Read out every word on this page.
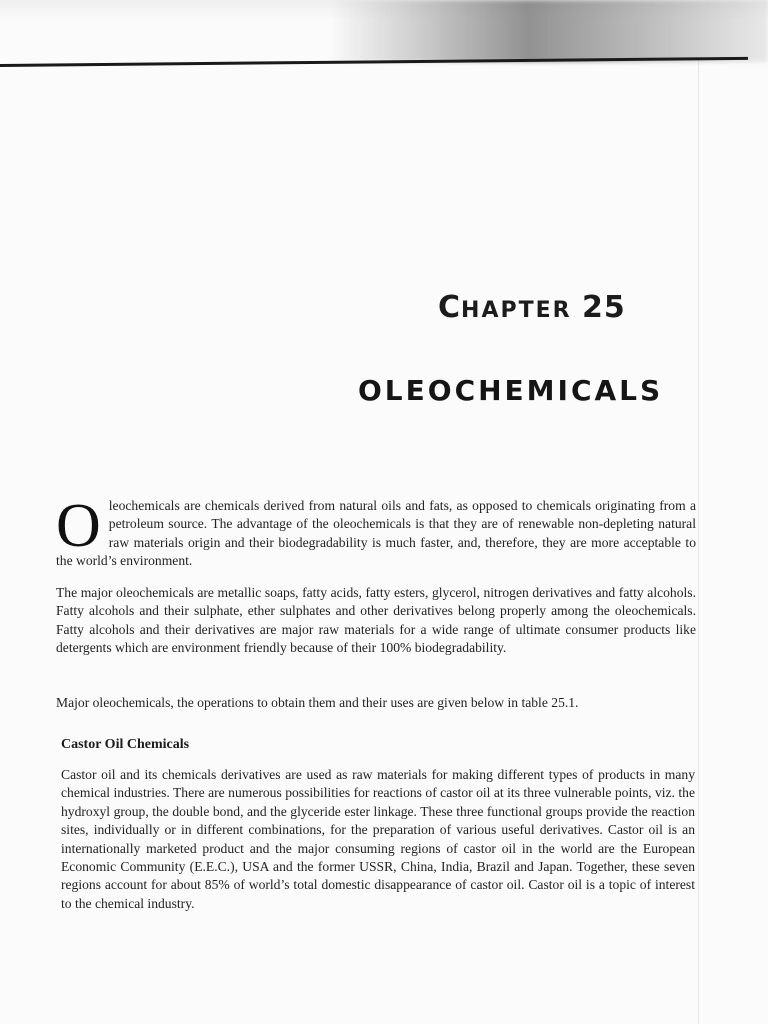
CHAPTER 25
OLEOCHEMICALS
O leochemicals are chemicals derived from natural oils and fats, as opposed to chemicals originating from a petroleum source. The advantage of the oleochemicals is that they are of renewable non-depleting natural raw materials origin and their biodegradability is much faster, and, therefore, they are more acceptable to the world’s environment.
The major oleochemicals are metallic soaps, fatty acids, fatty esters, glycerol, nitrogen derivatives and fatty alcohols. Fatty alcohols and their sulphate, ether sulphates and other derivatives belong properly among the oleochemicals. Fatty alcohols and their derivatives are major raw materials for a wide range of ultimate consumer products like detergents which are environment friendly because of their 100% biodegradability.
Major oleochemicals, the operations to obtain them and their uses are given below in table 25.1.
Castor Oil Chemicals
Castor oil and its chemicals derivatives are used as raw materials for making different types of products in many chemical industries. There are numerous possibilities for reactions of castor oil at its three vulnerable points, viz. the hydroxyl group, the double bond, and the glyceride ester linkage. These three functional groups provide the reaction sites, individually or in different combinations, for the preparation of various useful derivatives. Castor oil is an internationally marketed product and the major consuming regions of castor oil in the world are the European Economic Community (E.E.C.), USA and the former USSR, China, India, Brazil and Japan. Together, these seven regions account for about 85% of world’s total domestic disappearance of castor oil. Castor oil is a topic of interest to the chemical industry.
